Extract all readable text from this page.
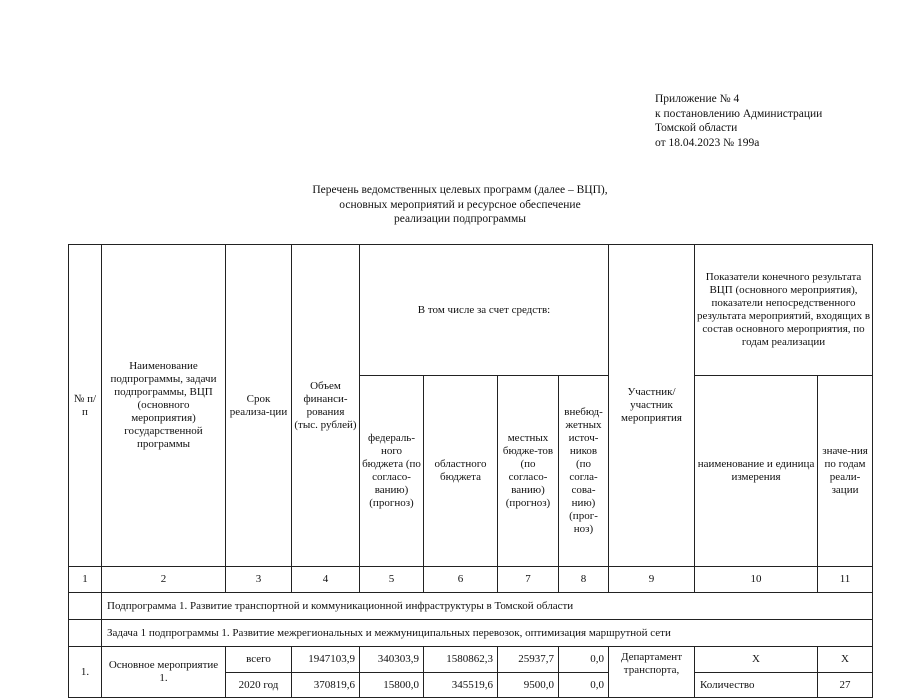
Приложение № 4
к постановлению Администрации
Томской области
от 18.04.2023 № 199а
Перечень ведомственных целевых программ (далее – ВЦП),
основных мероприятий и ресурсное обеспечение
реализации подпрограммы
№ п/п	Наименование подпрограммы, задачи подпрограммы, ВЦП (основного мероприятия) государственной программы	Срок реализа-ции	Объем финанси-рования (тыс. рублей)	В том числе за счет средств:				Участник/ участник мероприятия	Показатели конечного результата ВЦП (основного мероприятия), показатели непосредственного результата мероприятий, входящих в состав основного мероприятия, по годам реализации	
				федераль-ного бюджета (по согласо-ванию) (прогноз)	областного бюджета	местных бюдже-тов (по согласо-ванию) (прогноз)	внебюд-жетных источ-ников (по согла-сова-нию) (прог-ноз)		наименование и единица измерения	значе-ния по годам реали-зации
1	2	3	4	5	6	7	8	9	10	11
	Подпрограмма 1. Развитие транспортной и коммуникационной инфраструктуры в Томской области									
	Задача 1 подпрограммы 1. Развитие межрегиональных и межмуниципальных перевозок, оптимизация маршрутной сети									
1.	Основное мероприятие 1.	всего	1947103,9	340303,9	1580862,3	25937,7	0,0	Департамент транспорта,	Х	Х
		2020 год	370819,6	15800,0	345519,6	9500,0	0,0		Количество	27
